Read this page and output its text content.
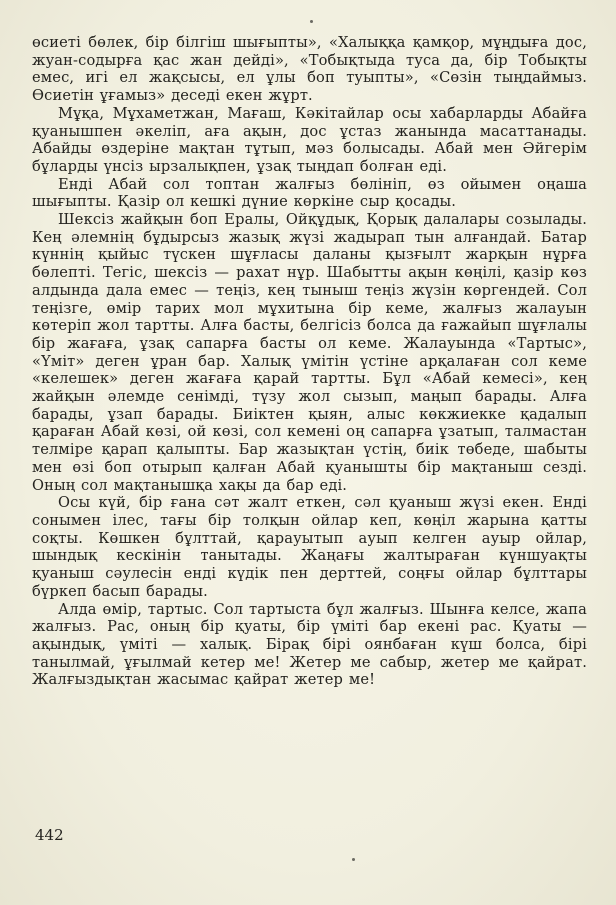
өсиеті бөлек, бір білгіш шығыпты», «Халыққа қамқор, мұңдыға дос, жуан-содырға қас жан дейді», «Тобықтыда туса да, бір Тобықты емес, игі ел жақсысы, ел ұлы боп туыпты», «Сөзін тыңдаймыз. Өсиетін ұғамыз» деседі екен жұрт.

Мұқа, Мұхаметжан, Мағаш, Кәкітайлар осы хабарларды Абайға қуанышпен әкеліп, аға ақын, дос ұстаз жанында масаттанады. Абайды өздеріне мақтан тұтып, мәз болысады. Абай мен Әйгерім бұларды үнсіз ырзалықпен, ұзақ тыңдап болған еді.

Енді Абай сол топтан жалғыз бөлініп, өз ойымен оңаша шығыпты. Қазір ол кешкі дүние көркіне сыр қосады.

Шексіз жайқын боп Ералы, Ойқұдық, Қорық далалары созылады. Кең әлемнің бұдырсыз жазық жүзі жадырап тын алғандай. Батар күннің қыйыс түскен шұғласы даланы қызғылт жарқын нұрға бөлепті. Тегіс, шексіз — рахат нұр. Шабытты ақын көңілі, қазір көз алдында дала емес — теңіз, кең тыныш теңіз жүзін көргендей. Сол теңізге, өмір тарих мол мұхитына бір кеме, жалғыз жалауын көтеріп жол тартты. Алға басты, белгісіз болса да ғажайып шұғлалы бір жағаға, ұзақ сапарға басты ол кеме. Жалауында «Тартыс», «Үміт» деген ұран бар. Халық үмітін үстіне арқалаған сол кеме «келешек» деген жағаға қарай тартты. Бұл «Абай кемесі», кең жайқын әлемде сенімді, түзу жол сызып, маңып барады. Алға барады, ұзап барады. Биіктен қыян, алыс көкжиекке қадалып қараған Абай көзі, ой көзі, сол кемені оң сапарға ұзатып, талмастан телміре қарап қалыпты. Бар жазықтан үстің, биік төбеде, шабыты мен өзі боп отырып қалған Абай қуанышты бір мақтаныш сезді. Оның сол мақтанышқа хақы да бар еді.

Осы күй, бір ғана сәт жалт еткен, сәл қуаныш жүзі екен. Енді сонымен ілес, тағы бір толқын ойлар кеп, көңіл жарына қатты соқты. Көшкен бұлттай, қарауытып ауып келген ауыр ойлар, шындық кескінін танытады. Жаңағы жалтыраған күншуақты қуаныш сәулесін енді күдік пен дерттей, соңғы ойлар бұлттары бүркеп басып барады.

Алда өмір, тартыс. Сол тартыста бұл жалғыз. Шынға келсе, жапа жалғыз. Рас, оның бір қуаты, бір үміті бар екені рас. Қуаты — ақындық, үміті — халық. Бірақ бірі оянбаған күш болса, бірі танылмай, ұғылмай кетер ме! Жетер ме сабыр, жетер ме қайрат. Жалғыздықтан жасымас қайрат жетер ме!

442
